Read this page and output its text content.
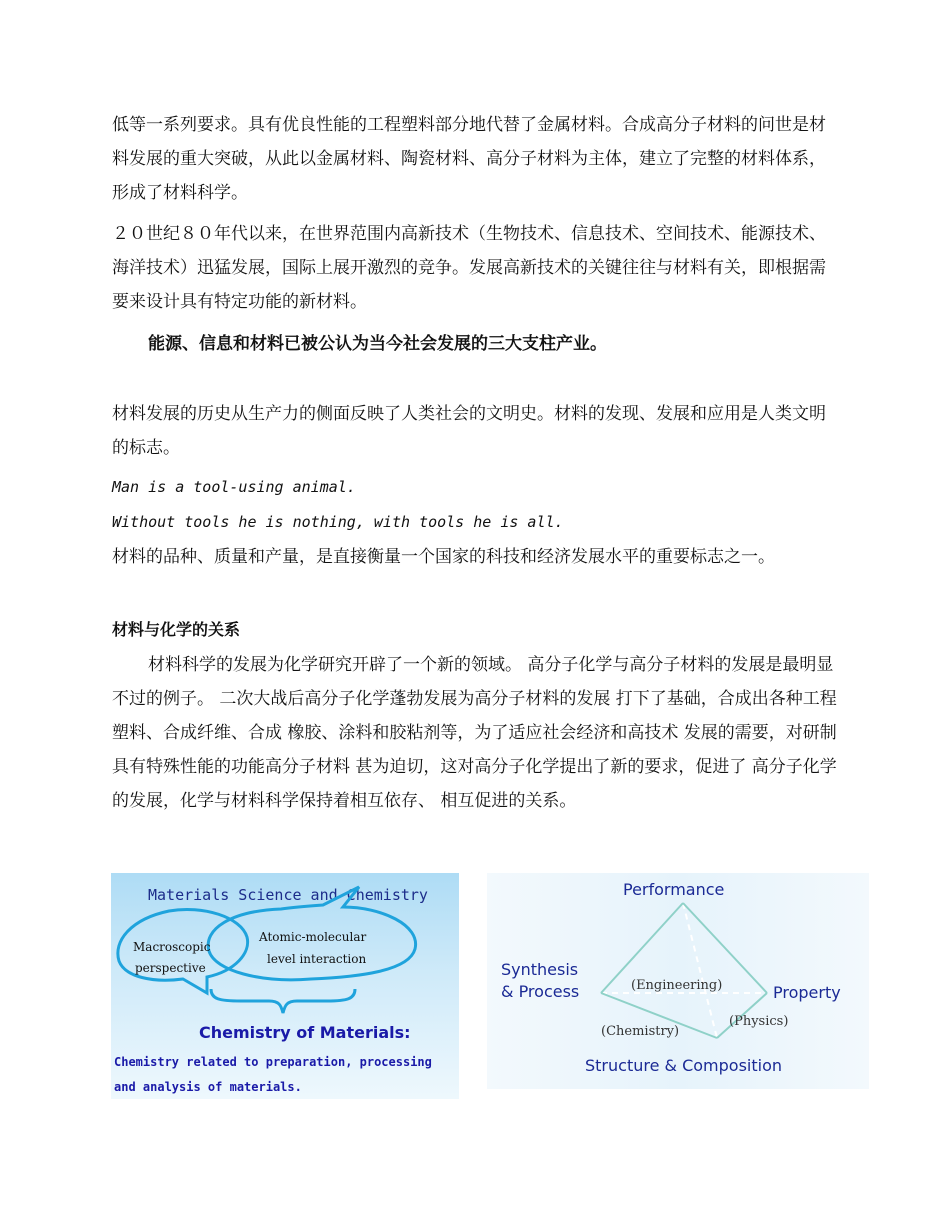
低等一系列要求。具有优良性能的工程塑料部分地代替了金属材料。合成高分子材料的问世是材料发展的重大突破，从此以金属材料、陶瓷材料、高分子材料为主体，建立了完整的材料体系，形成了材料科学。

２０世纪８０年代以来，在世界范围内高新技术（生物技术、信息技术、空间技术、能源技术、海洋技术）迅猛发展，国际上展开激烈的竞争。发展高新技术的关键往往与材料有关，即根据需要来设计具有特定功能的新材料。

能源、信息和材料已被公认为当今社会发展的三大支柱产业。

材料发展的历史从生产力的侧面反映了人类社会的文明史。材料的发现、发展和应用是人类文明的标志。

Man is a tool-using animal.

Without tools he is nothing, with tools he is all.

材料的品种、质量和产量，是直接衡量一个国家的科技和经济发展水平的重要标志之一。

材料与化学的关系

材料科学的发展为化学研究开辟了一个新的领域。 高分子化学与高分子材料的发展是最明显不过的例子。 二次大战后高分子化学蓬勃发展为高分子材料的发展 打下了基础，合成出各种工程塑料、合成纤维、合成 橡胶、涂料和胶粘剂等，为了适应社会经济和高技术 发展的需要，对研制具有特殊性能的功能高分子材料 甚为迫切，这对高分子化学提出了新的要求，促进了 高分子化学的发展，化学与材料科学保持着相互依存、 相互促进的关系。

Materials Science and Chemistry
Macroscopic
perspective
Atomic-molecular
level interaction
Chemistry of Materials:
Chemistry related to preparation, processing
and analysis of materials.
Performance
Synthesis
& Process	Property
Structure & Composition
(Engineering)
(Chemistry)
(Physics)
